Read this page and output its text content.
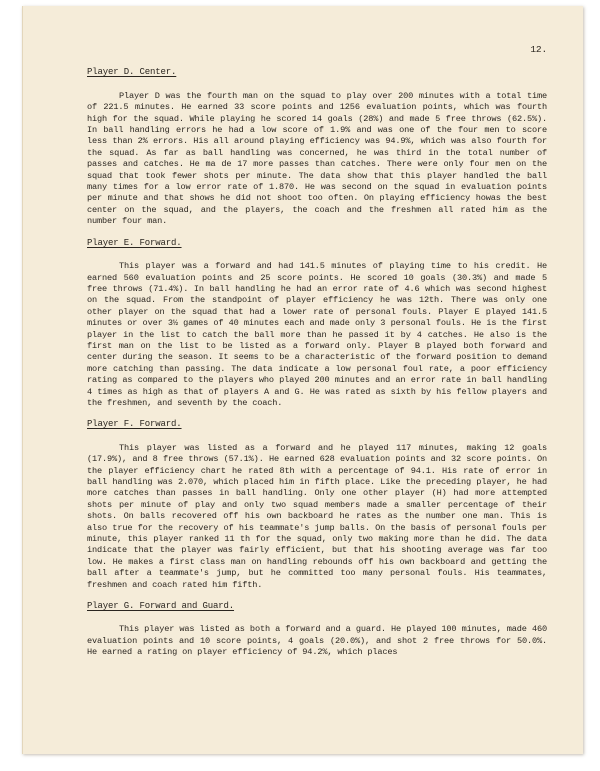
12.
Player D. Center.

Player D was the fourth man on the squad to play over 200 minutes with a total time of 221.5 minutes. He earned 33 score points and 1256 evaluation points, which was fourth high for the squad. While playing he scored 14 goals (28%) and made 5 free throws (62.5%). In ball handling errors he had a low score of 1.9% and was one of the four men to score less than 2% errors. His all around playing efficiency was 94.9%, which was also fourth for the squad. As far as ball handling was concerned, he was third in the total number of passes and catches. He ma de 17 more passes than catches. There were only four men on the squad that took fewer shots per minute. The data show that this player handled the ball many times for a low error rate of 1.870. He was second on the squad in evaluation points per minute and that shows he did not shoot too often. On playing efficiency howas the best center on the squad, and the players, the coach and the freshmen all rated him as the number four man.

Player E. Forward.

This player was a forward and had 141.5 minutes of playing time to his credit. He earned 560 evaluation points and 25 score points. He scored 10 goals (30.3%) and made 5 free throws (71.4%). In ball handling he had an error rate of 4.6 which was second highest on the squad. From the standpoint of player efficiency he was 12th. There was only one other player on the squad that had a lower rate of personal fouls. Player E played 141.5 minutes or over 3½ games of 40 minutes each and made only 3 personal fouls. He is the first player in the list to catch the ball more than he passed it by 4 catches. He also is the first man on the list to be listed as a forward only. Player B played both forward and center during the season. It seems to be a characteristic of the forward position to demand more catching than passing. The data indicate a low personal foul rate, a poor efficiency rating as compared to the players who played 200 minutes and an error rate in ball handling 4 times as high as that of players A and G. He was rated as sixth by his fellow players and the freshmen, and seventh by the coach.

Player F. Forward.

This player was listed as a forward and he played 117 minutes, making 12 goals (17.9%), and 8 free throws (57.1%). He earned 628 evaluation points and 32 score points. On the player efficiency chart he rated 8th with a percentage of 94.1. His rate of error in ball handling was 2.070, which placed him in fifth place. Like the preceding player, he had more catches than passes in ball handling. Only one other player (H) had more attempted shots per minute of play and only two squad members made a smaller percentage of their shots. On balls recovered off his own backboard he rates as the number one man. This is also true for the recovery of his teammate's jump balls. On the basis of personal fouls per minute, this player ranked 11 th for the squad, only two making more than he did. The data indicate that the player was fairly efficient, but that his shooting average was far too low. He makes a first class man on handling rebounds off his own backboard and getting the ball after a teammate's jump, but he committed too many personal fouls. His teammates, freshmen and coach rated him fifth.

Player G. Forward and Guard.

This player was listed as both a forward and a guard. He played 100 minutes, made 460 evaluation points and 10 score points, 4 goals (20.0%), and shot 2 free throws for 50.0%. He earned a rating on player efficiency of 94.2%, which places
